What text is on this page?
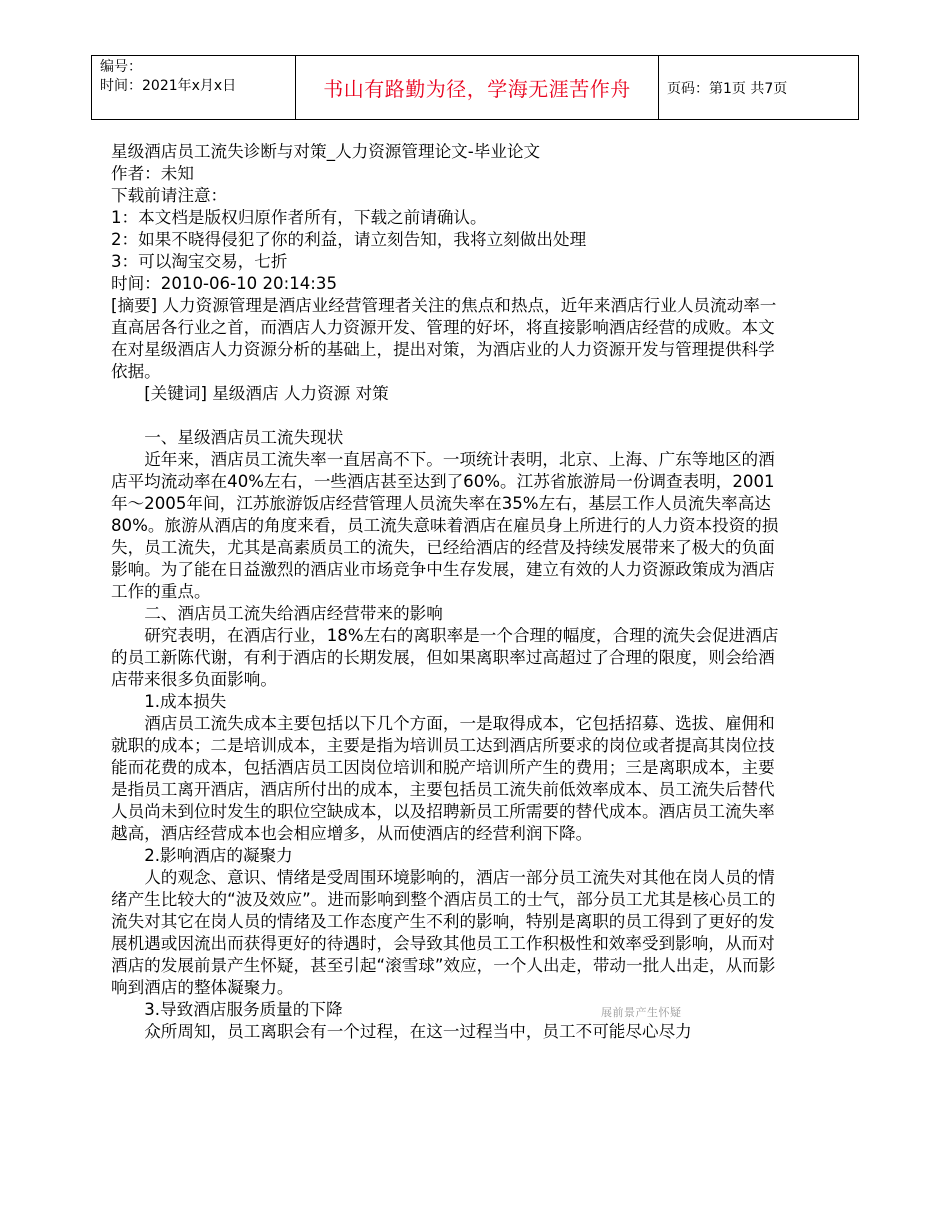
编号：
时间：2021年x月x日	书山有路勤为径，学海无涯苦作舟	页码：第1页 共7页

星级酒店员工流失诊断与对策_人力资源管理论文-毕业论文

作者：未知

下载前请注意：

1：本文档是版权归原作者所有，下载之前请确认。

2：如果不晓得侵犯了你的利益，请立刻告知，我将立刻做出处理

3：可以淘宝交易，七折

时间：2010-06-10 20:14:35

[摘要] 人力资源管理是酒店业经营管理者关注的焦点和热点，近年来酒店行业人员流动率一直高居各行业之首，而酒店人力资源开发、管理的好坏，将直接影响酒店经营的成败。本文在对星级酒店人力资源分析的基础上，提出对策，为酒店业的人力资源开发与管理提供科学依据。

[关键词] 星级酒店 人力资源 对策

一、星级酒店员工流失现状

近年来，酒店员工流失率一直居高不下。一项统计表明，北京、上海、广东等地区的酒店平均流动率在40%左右，一些酒店甚至达到了60%。江苏省旅游局一份调查表明，2001年～2005年间，江苏旅游饭店经营管理人员流失率在35%左右，基层工作人员流失率高达80%。旅游从酒店的角度来看，员工流失意味着酒店在雇员身上所进行的人力资本投资的损失，员工流失，尤其是高素质员工的流失，已经给酒店的经营及持续发展带来了极大的负面影响。为了能在日益激烈的酒店业市场竞争中生存发展，建立有效的人力资源政策成为酒店工作的重点。

二、酒店员工流失给酒店经营带来的影响

研究表明，在酒店行业，18%左右的离职率是一个合理的幅度，合理的流失会促进酒店的员工新陈代谢，有利于酒店的长期发展，但如果离职率过高超过了合理的限度，则会给酒店带来很多负面影响。

1.成本损失

酒店员工流失成本主要包括以下几个方面，一是取得成本，它包括招募、选拔、雇佣和就职的成本；二是培训成本，主要是指为培训员工达到酒店所要求的岗位或者提高其岗位技能而花费的成本，包括酒店员工因岗位培训和脱产培训所产生的费用；三是离职成本，主要是指员工离开酒店，酒店所付出的成本，主要包括员工流失前低效率成本、员工流失后替代人员尚未到位时发生的职位空缺成本，以及招聘新员工所需要的替代成本。酒店员工流失率越高，酒店经营成本也会相应增多，从而使酒店的经营利润下降。

2.影响酒店的凝聚力

人的观念、意识、情绪是受周围环境影响的，酒店一部分员工流失对其他在岗人员的情绪产生比较大的“波及效应”。进而影响到整个酒店员工的士气，部分员工尤其是核心员工的流失对其它在岗人员的情绪及工作态度产生不利的影响，特别是离职的员工得到了更好的发展机遇或因流出而获得更好的待遇时，会导致其他员工工作积极性和效率受到影响，从而对酒店的发展前景产生怀疑，甚至引起“滚雪球”效应，一个人出走，带动一批人出走，从而影响到酒店的整体凝聚力。

3.导致酒店服务质量的下降

众所周知，员工离职会有一个过程，在这一过程当中，员工不可能尽心尽力

展前景产生怀疑
